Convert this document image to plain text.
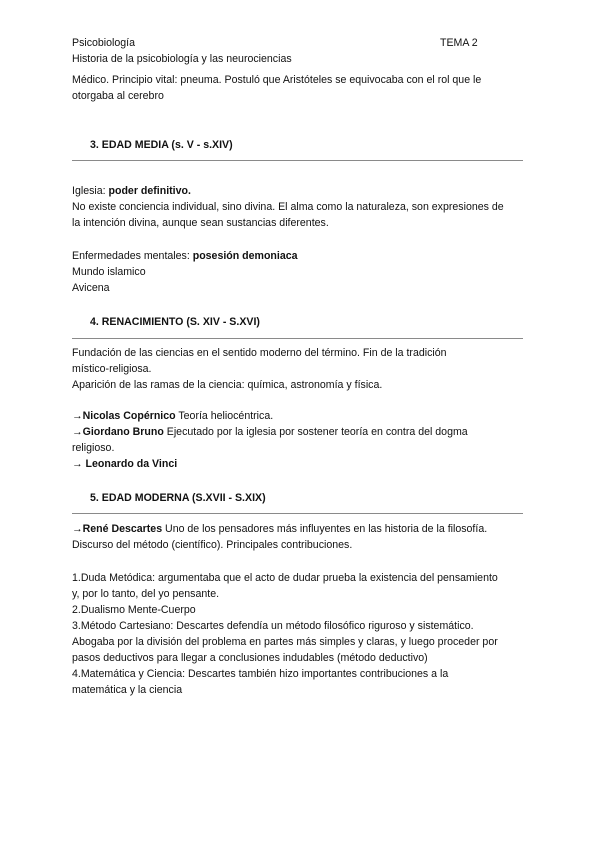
Psicobiología	TEMA 2
Historia de la psicobiología y las neurociencias
Médico. Principio vital: pneuma. Postuló que Aristóteles se equivocaba con el rol que le
otorgaba al cerebro
3. EDAD MEDIA (s. V - s.XIV)
Iglesia: poder definitivo.
No existe conciencia individual, sino divina. El alma como la naturaleza, son expresiones de
la intención divina, aunque sean sustancias diferentes.
Enfermedades mentales: posesión demoniaca
Mundo islamico
Avicena
4. RENACIMIENTO (S. XIV - S.XVI)
Fundación de las ciencias en el sentido moderno del término. Fin de la tradición
místico-religiosa.
Aparición de las ramas de la ciencia: química, astronomía y física.
→Nicolas Copérnico Teoría heliocéntrica.
→Giordano Bruno Ejecutado por la iglesia por sostener teoría en contra del dogma
religioso.
→ Leonardo da Vinci
5. EDAD MODERNA (S.XVII - S.XIX)
→René Descartes Uno de los pensadores más influyentes en las historia de la filosofía.
Discurso del método (científico). Principales contribuciones.
1.Duda Metódica: argumentaba que el acto de dudar prueba la existencia del pensamiento
y, por lo tanto, del yo pensante.
2.Dualismo Mente-Cuerpo
3.Método Cartesiano: Descartes defendía un método filosófico riguroso y sistemático.
Abogaba por la división del problema en partes más simples y claras, y luego proceder por
pasos deductivos para llegar a conclusiones indudables (método deductivo)
4.Matemática y Ciencia: Descartes también hizo importantes contribuciones a la
matemática y la ciencia
